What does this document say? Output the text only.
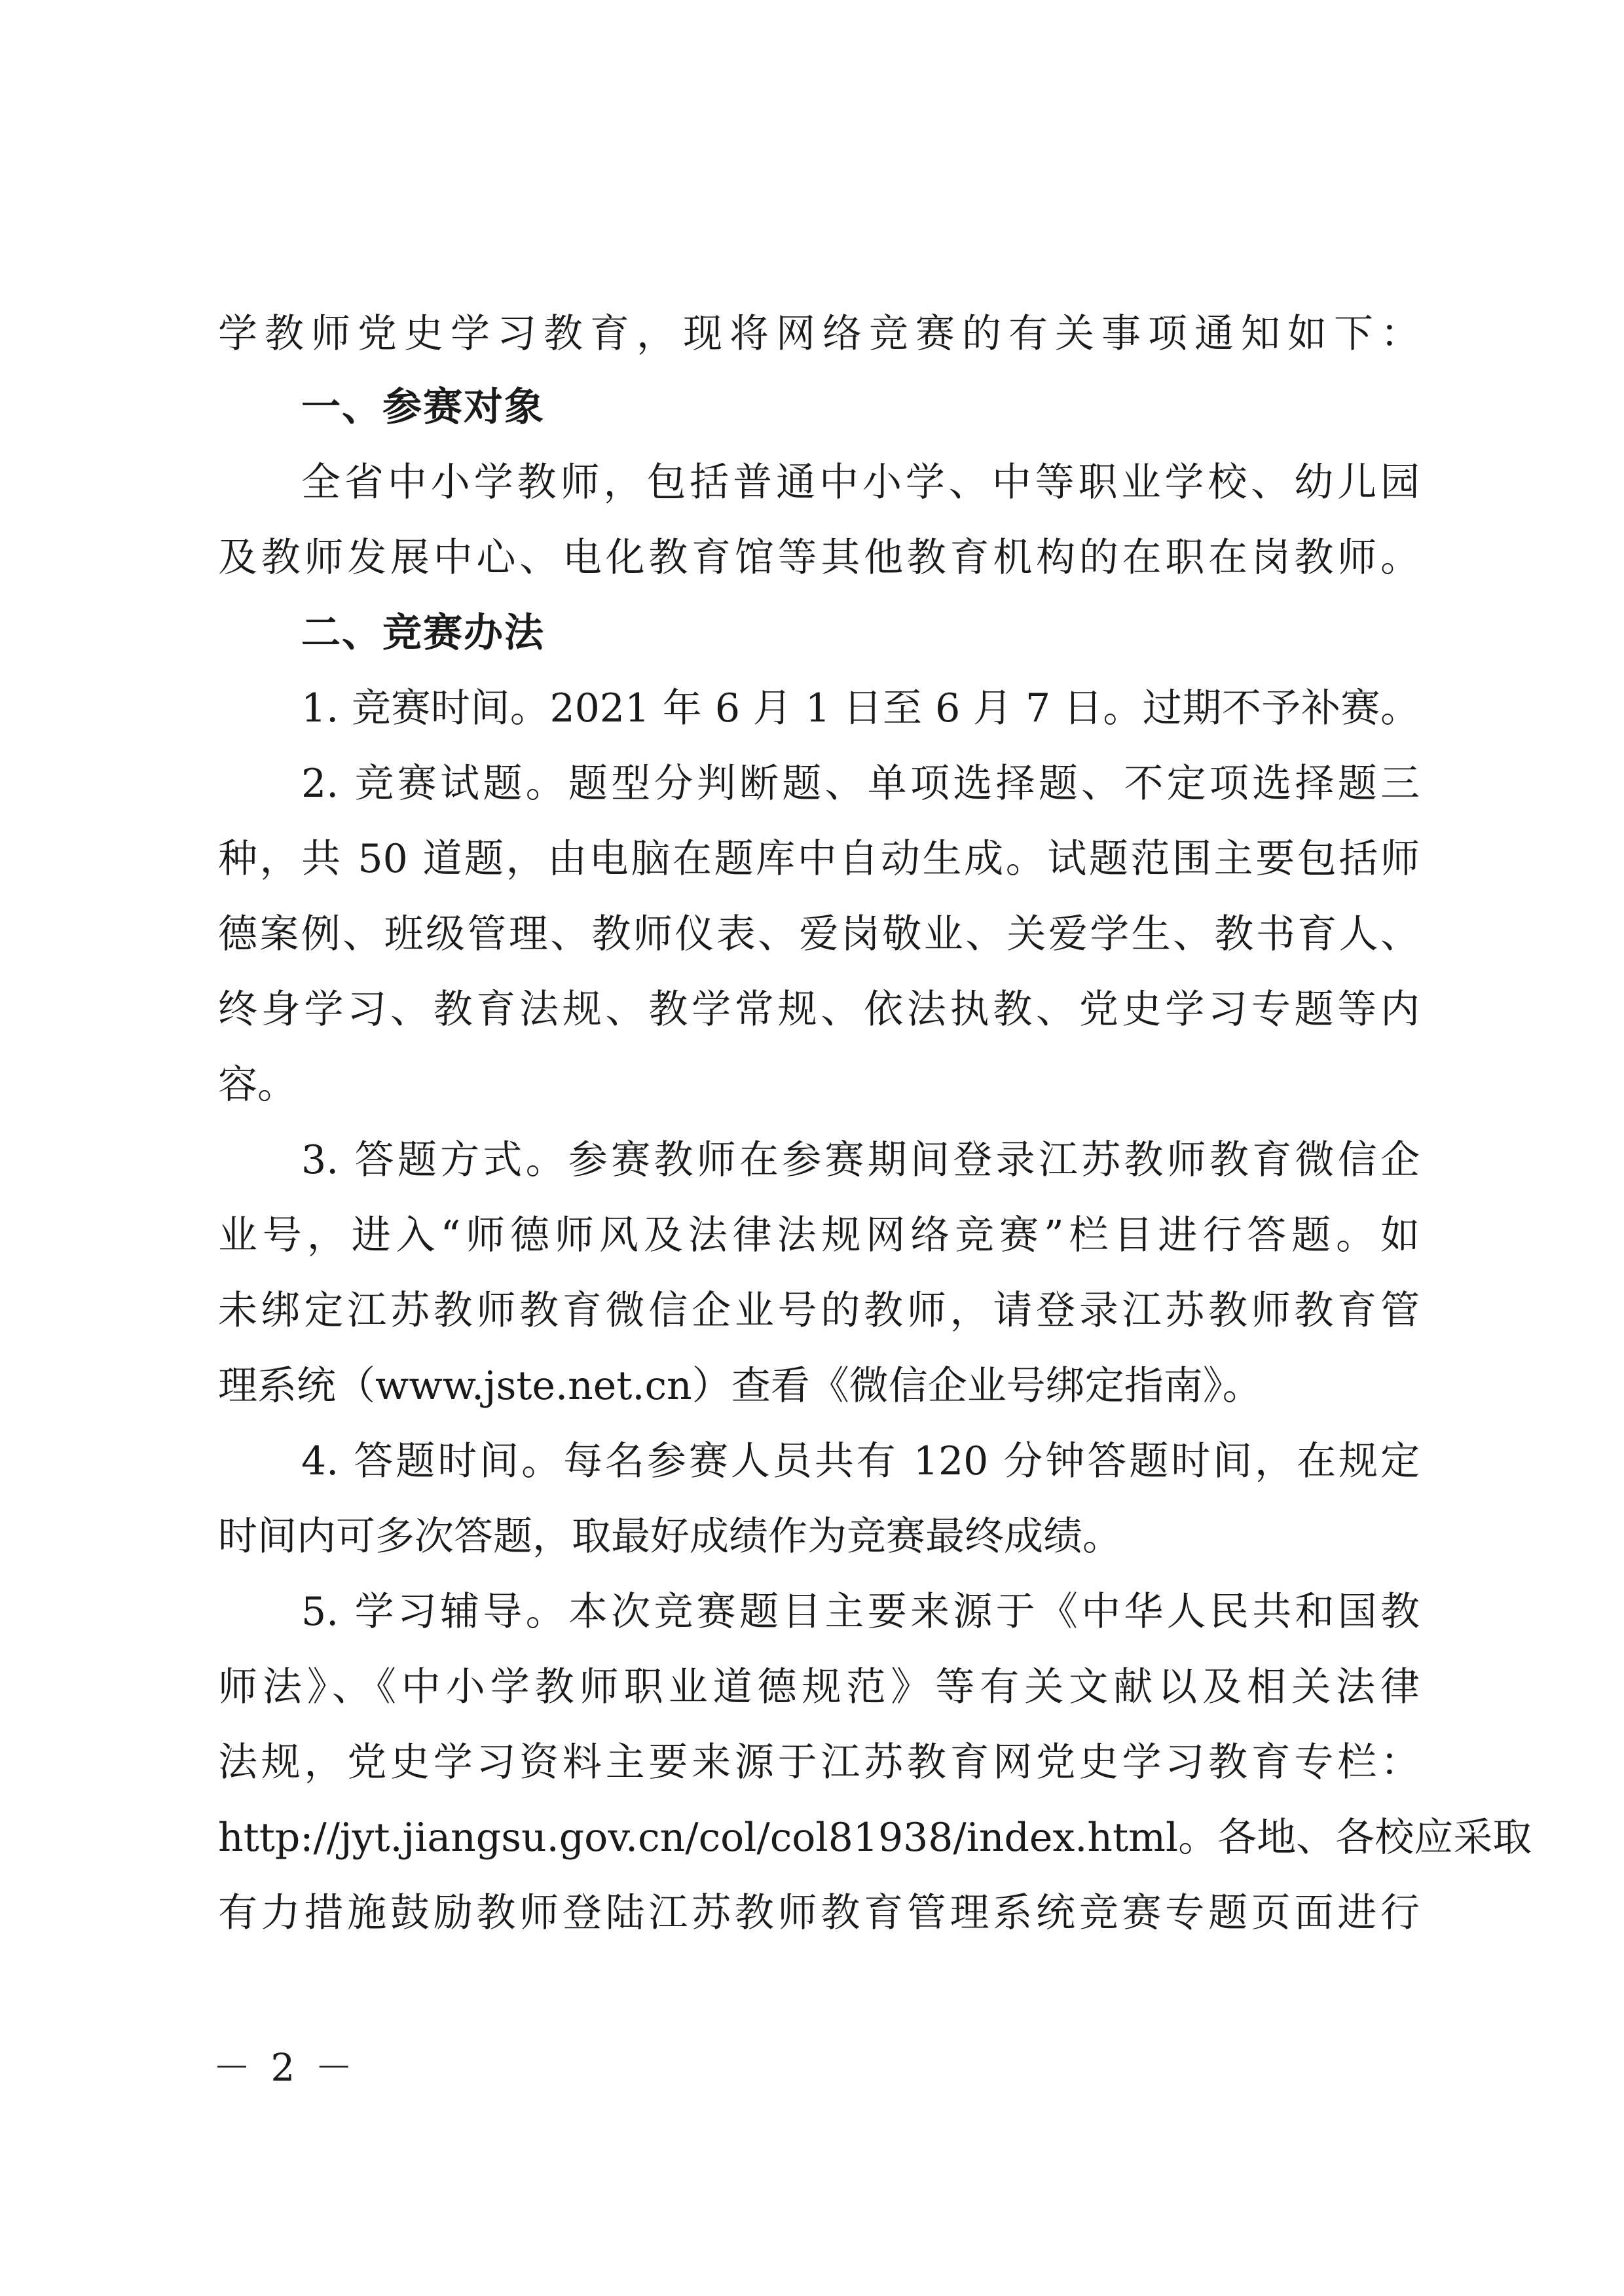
学教师党史学习教育，现将网络竞赛的有关事项通知如下：
一、参赛对象
全省中小学教师，包括普通中小学、中等职业学校、幼儿园
及教师发展中心、电化教育馆等其他教育机构的在职在岗教师。
二、竞赛办法
1. 竞赛时间。2021 年 6 月 1 日至 6 月 7 日。过期不予补赛。
2. 竞赛试题。题型分判断题、单项选择题、不定项选择题三
种，共 50 道题，由电脑在题库中自动生成。试题范围主要包括师
德案例、班级管理、教师仪表、爱岗敬业、关爱学生、教书育人、
终身学习、教育法规、教学常规、依法执教、党史学习专题等内
容。
3. 答题方式。参赛教师在参赛期间登录江苏教师教育微信企
业号，进入“师德师风及法律法规网络竞赛”栏目进行答题。如
未绑定江苏教师教育微信企业号的教师，请登录江苏教师教育管
理系统（www.jste.net.cn）查看《微信企业号绑定指南》。
4. 答题时间。每名参赛人员共有 120 分钟答题时间，在规定
时间内可多次答题，取最好成绩作为竞赛最终成绩。
5. 学习辅导。本次竞赛题目主要来源于《中华人民共和国教
师法》、《中小学教师职业道德规范》等有关文献以及相关法律
法规，党史学习资料主要来源于江苏教育网党史学习教育专栏：
http://jyt.jiangsu.gov.cn/col/col81938/index.html。各地、各校应采取
有力措施鼓励教师登陆江苏教师教育管理系统竞赛专题页面进行
－ 2 －
